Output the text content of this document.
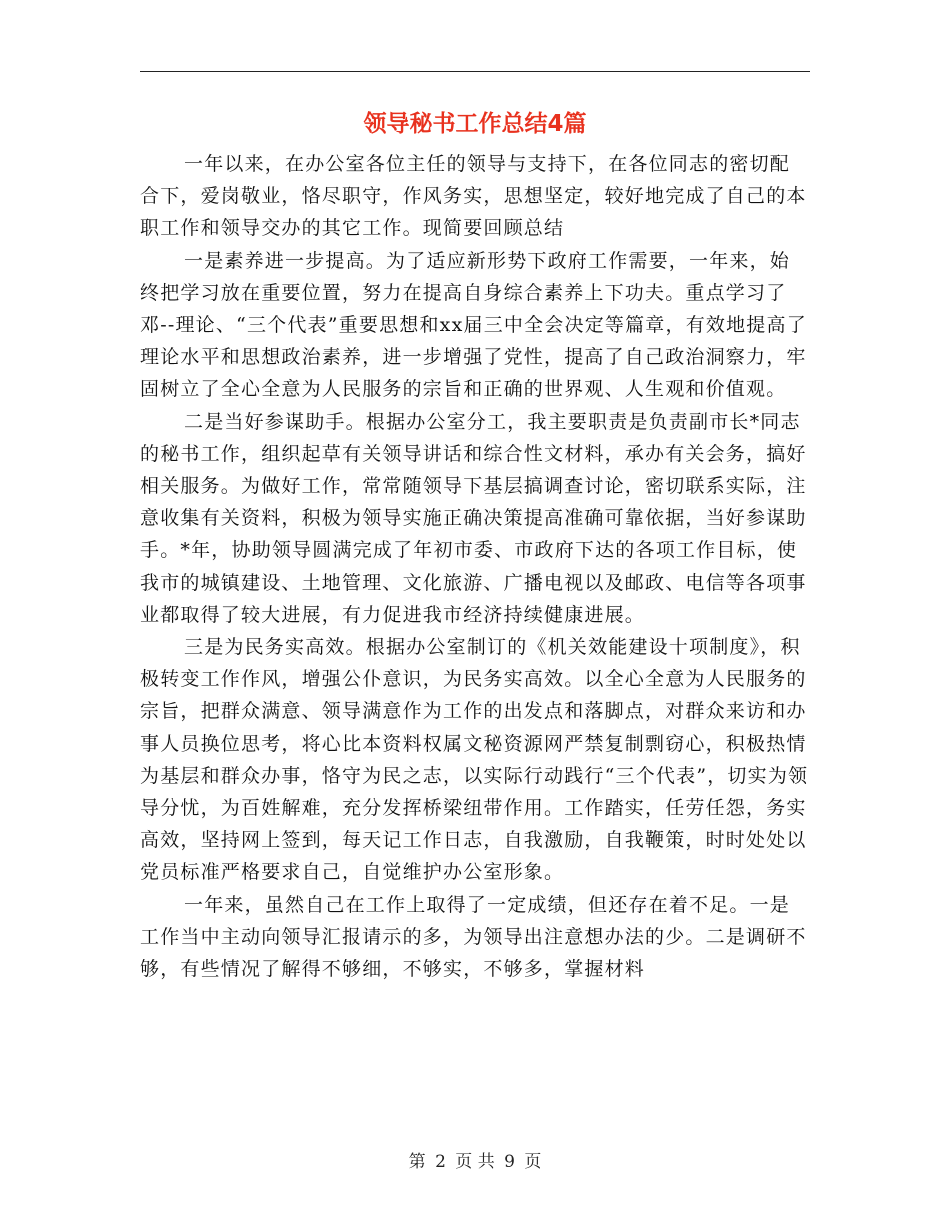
领导秘书工作总结4篇

一年以来，在办公室各位主任的领导与支持下，在各位同志的密切配合下，爱岗敬业，恪尽职守，作风务实，思想坚定，较好地完成了自己的本职工作和领导交办的其它工作。现简要回顾总结

一是素养进一步提高。为了适应新形势下政府工作需要，一年来，始终把学习放在重要位置，努力在提高自身综合素养上下功夫。重点学习了邓--理论、“三个代表”重要思想和xx届三中全会决定等篇章，有效地提高了理论水平和思想政治素养，进一步增强了党性，提高了自己政治洞察力，牢固树立了全心全意为人民服务的宗旨和正确的世界观、人生观和价值观。

二是当好参谋助手。根据办公室分工，我主要职责是负责副市长*同志的秘书工作，组织起草有关领导讲话和综合性文材料，承办有关会务，搞好相关服务。为做好工作，常常随领导下基层搞调查讨论，密切联系实际，注意收集有关资料，积极为领导实施正确决策提高准确可靠依据，当好参谋助手。*年，协助领导圆满完成了年初市委、市政府下达的各项工作目标，使我市的城镇建设、土地管理、文化旅游、广播电视以及邮政、电信等各项事业都取得了较大进展，有力促进我市经济持续健康进展。

三是为民务实高效。根据办公室制订的《机关效能建设十项制度》，积极转变工作作风，增强公仆意识，为民务实高效。以全心全意为人民服务的宗旨，把群众满意、领导满意作为工作的出发点和落脚点，对群众来访和办事人员换位思考，将心比本资料权属文秘资源网严禁复制剽窃心，积极热情为基层和群众办事，恪守为民之志，以实际行动践行“三个代表”，切实为领导分忧，为百姓解难，充分发挥桥梁纽带作用。工作踏实，任劳任怨，务实高效，坚持网上签到，每天记工作日志，自我激励，自我鞭策，时时处处以党员标准严格要求自己，自觉维护办公室形象。

一年来，虽然自己在工作上取得了一定成绩，但还存在着不足。一是工作当中主动向领导汇报请示的多，为领导出注意想办法的少。二是调研不够，有些情况了解得不够细，不够实，不够多，掌握材料

第 2 页 共 9 页
